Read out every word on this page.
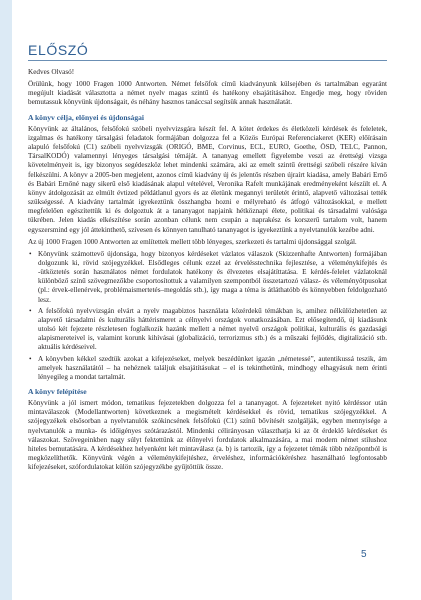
ELŐSZÓ

Kedves Olvasó!

Örülünk, hogy 1000 Fragen 1000 Antworten. Német felsőfok című kiadványunk külsejében és tartalmában egyaránt megújult kiadását választotta a német nyelv magas szintű és hatékony elsajátításához. Engedje meg, hogy röviden bemutassuk könyvünk újdonságait, és néhány hasznos tanáccsal segítsük annak használatát.

A könyv célja, előnyei és újdonságai

Könyvünk az általános, felsőfokú szóbeli nyelvvizsgára készít fel. A kötet érdekes és életközeli kérdések és feleletek, izgalmas és hatékony társalgási feladatok formájában dolgozza fel a Közös Európai Referenciakeret (KER) előírásain alapuló felsőfokú (C1) szóbeli nyelvvizsgák (ORIGÓ, BME, Corvinus, ECL, EURO, Goethe, ÖSD, TELC, Pannon, TársalKODÓ) valamennyi lényeges társalgási témáját. A tananyag emellett figyelembe veszi az érettségi vizsga követelményeit is, így bizonyos segédeszköz lehet mindenki számára, aki az emelt szintű érettségi szóbeli részére kíván felkészülni. A könyv a 2005-ben megjelent, azonos című kiadvány új és jelentős részben újraírt kiadása, amely Babári Ernő és Babári Ernőné nagy sikerű első kiadásának alapul vételével, Veronika Rafelt munkájának eredményeként készült el. A könyv átdolgozását az elmúlt évtized példátlanul gyors és az életünk megannyi területét érintő, alapvető változásai tették szükségessé. A kiadvány tartalmát igyekeztünk összhangba hozni e mélyreható és átfogó változásokkal, e mellett megfelelően egészítettük ki és dolgoztuk át a tananyagot napjaink hétköznapi élete, politikai és társadalmi valósága tükrében. Jelen kiadás elkészítése során azonban célunk nem csupán a naprakész és korszerű tartalom volt, hanem egyszersmind egy jól áttekinthető, szívesen és könnyen tanulható tananyagot is igyekeztünk a nyelvtanulók kezébe adni.

Az új 1000 Fragen 1000 Antworten az említettek mellett több lényeges, szerkezeti és tartalmi újdonsággal szolgál.

• Könyvünk számottevő újdonsága, hogy bizonyos kérdéseket vázlatos válaszok (Skizzenhafte Antworten) formájában dolgozunk ki, rövid szójegyzékkel. Elsődleges célunk ezzel az érvelésstechnika fejlesztése, a véleménykifejtés és -ütköztetés során használatos német fordulatok hatékony és élvezetes elsajátíttatása. E kérdés-felelet vázlatoknál különböző színű szövegmezőkbe csoportosítottuk a valamilyen szempontból összetartozó válasz- és véleményötpusokat (pl.: érvek-ellenérvek, problémaismertetés–megoldás stb.), így maga a téma is átláthatóbb és könnyebben feldolgozható lesz.
• A felsőfokú nyelvvizsgán elvárt a nyelv magabiztos használata közérdekű témákban is, amihez nélkülözhetetlen az alapvető társadalmi és kulturális háttérismeret a célnyelvi országok vonatkozásában. Ezt elősegítendő, új kiadásunk utolsó két fejezete részletesen foglalkozik hazánk mellett a német nyelvű országok politikai, kulturális és gazdasági alapismereteivel is, valamint korunk kihívásai (globalizáció, terrorizmus stb.) és a műszaki fejlődés, digitalizáció stb. aktuális kérdéseivel.
• A könyvben kékkel szedtük azokat a kifejezéseket, melyek beszédünket igazán „németessé”, autentikussá teszik, ám amelyek használatától – ha nehéznek találjuk elsajátításukat – el is tekinthetünk, mindhogy elhagyásuk nem érinti lényegileg a mondat tartalmát.
A könyv felépítése

Könyvünk a jól ismert módon, tematikus fejezetekben dolgozza fel a tananyagot. A fejezeteket nyitó kérdéssor után mintaválaszok (Modellantworten) következnek a megismételt kérdésekkel és rövid, tematikus szójegyzékkel. A szójegyzékek elsősorban a nyelvtanulók szókincsének felsőfokú (C1) színű bővítését szolgálják, egyben mennyisége a nyelvtanulók a munka- és időigényes szótárazástól. Mindenki célirányosan választhatja ki az őt érdeklő kérdéseket és válaszokat. Szövegeinkben nagy súlyt fektettünk az élőnyelvi fordulatok alkalmazására, a mai modern német stílushoz hiteles bemutatására. A kérdésekhez helyenként két mintaválasz (a. b) is tartozik, így a fejezetet témák több nézőpontból is megközelíthetők. Könyvünk végén a véleménykifejtéshez, érveléshez, információkéréshez használható legfontosabb kifejezéseket, szófordulatokat külön szójegyzékbe gyűjtöttük össze.

5
